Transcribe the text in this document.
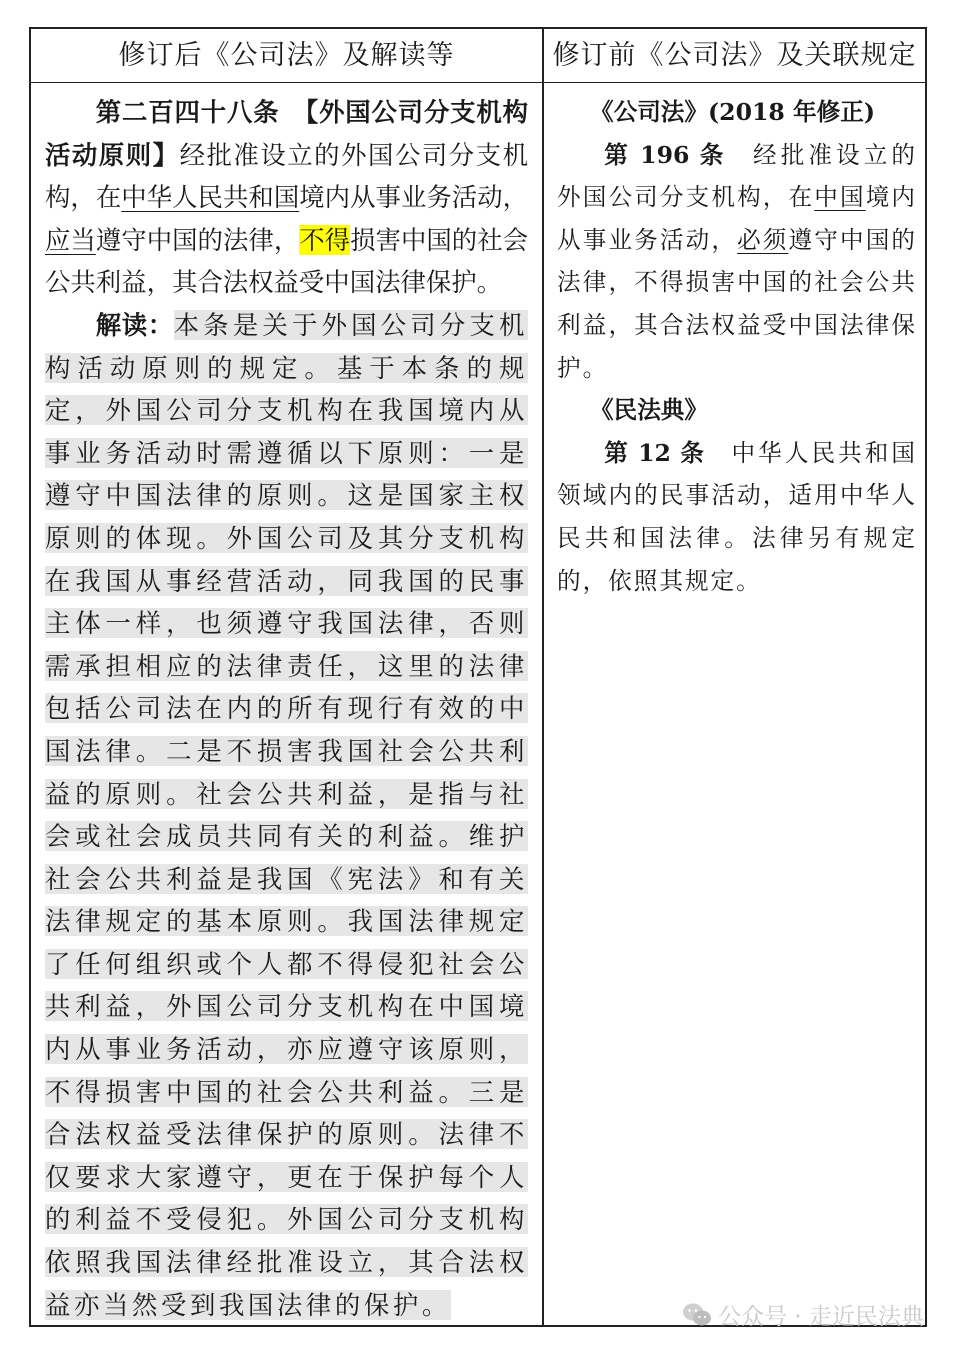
修订后《公司法》及解读等	修订前《公司法》及关联规定

第二百四十八条　 【外国公司分支机构活动原则】经批准设立的外国公司分支机构，在中华人民共和国境内从事业务活动，应当遵守中国的法律，不得损害中国的社会公共利益，其合法权益受中国法律保护。

解读：本条是关于外国公司分支机构活动原则的规定。基于本条的规定，外国公司分支机构在我国境内从事业务活动时需遵循以下原则：一是遵守中国法律的原则。这是国家主权原则的体现。外国公司及其分支机构在我国从事经营活动，同我国的民事主体一样，也须遵守我国法律，否则需承担相应的法律责任，这里的法律包括公司法在内的所有现行有效的中国法律。二是不损害我国社会公共利益的原则。社会公共利益，是指与社会或社会成员共同有关的利益。维护社会公共利益是我国《宪法》和有关法律规定的基本原则。我国法律规定了任何组织或个人都不得侵犯社会公共利益，外国公司分支机构在中国境内从事业务活动，亦应遵守该原则，不得损害中国的社会公共利益。三是合法权益受法律保护的原则。法律不仅要求大家遵守，更在于保护每个人的利益不受侵犯。外国公司分支机构依照我国法律经批准设立，其合法权益亦当然受到我国法律的保护。

《公司法》(2018 年修正)

第 196 条　 经批准设立的外国公司分支机构，在中国境内从事业务活动，必须遵守中国的法律，不得损害中国的社会公共利益，其合法权益受中国法律保护。

《民法典》

第 12 条　 中华人民共和国领域内的民事活动，适用中华人民共和国法律。法律另有规定的，依照其规定。

公众号 · 走近民法典
